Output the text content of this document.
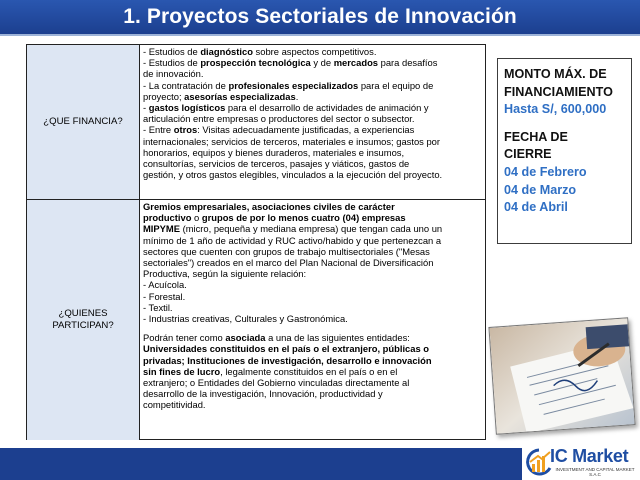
1. Proyectos Sectoriales de Innovación
¿QUE FINANCIA?

- Estudios de diagnóstico sobre aspectos competitivos.

- Estudios de prospección tecnológica y de mercados para desafíos

de innovación.

- La contratación de profesionales especializados para el equipo de

proyecto; asesorías especializadas.

- gastos logísticos para el desarrollo de actividades de animación y

articulación entre empresas o productores del sector o subsector.

- Entre otros: Visitas adecuadamente justificadas, a experiencias

internacionales; servicios de terceros, materiales e insumos; gastos por

honorarios, equipos y bienes duraderos, materiales e insumos,

consultorías, servicios de terceros, pasajes y viáticos, gastos de

gestión, y otros gastos elegibles, vinculados a la ejecución del proyecto.

¿QUIENES PARTICIPAN?

Gremios empresariales, asociaciones civiles de carácter

productivo o grupos de por lo menos cuatro (04) empresas

MIPYME (micro, pequeña y mediana empresa) que tengan cada uno un

mínimo de 1 año de actividad y RUC activo/habido y que pertenezcan a

sectores que cuenten con grupos de trabajo multisectoriales ("Mesas

sectoriales") creados en el marco del Plan Nacional de Diversificación

Productiva, según la siguiente relación:

- Acuícola.

- Forestal.

- Textil.

- Industrias creativas, Culturales y Gastronómica.

Podrán tener como asociada a una de las siguientes entidades:

Universidades constituidos en el país o el extranjero, públicas o

privadas; Instituciones de investigación, desarrollo e innovación

sin fines de lucro, legalmente constituidos en el país o en el

extranjero; o Entidades del Gobierno vinculadas directamente al

desarrollo de la investigación, Innovación, productividad y

competitividad.

MONTO MÁX. DE
FINANCIAMIENTO
Hasta S/, 600,000
FECHA DE
CIERRE
04 de Febrero
04 de Marzo
04 de Abril
IC Market
INVESTMENT AND CAPITAL MARKET S.A.C
